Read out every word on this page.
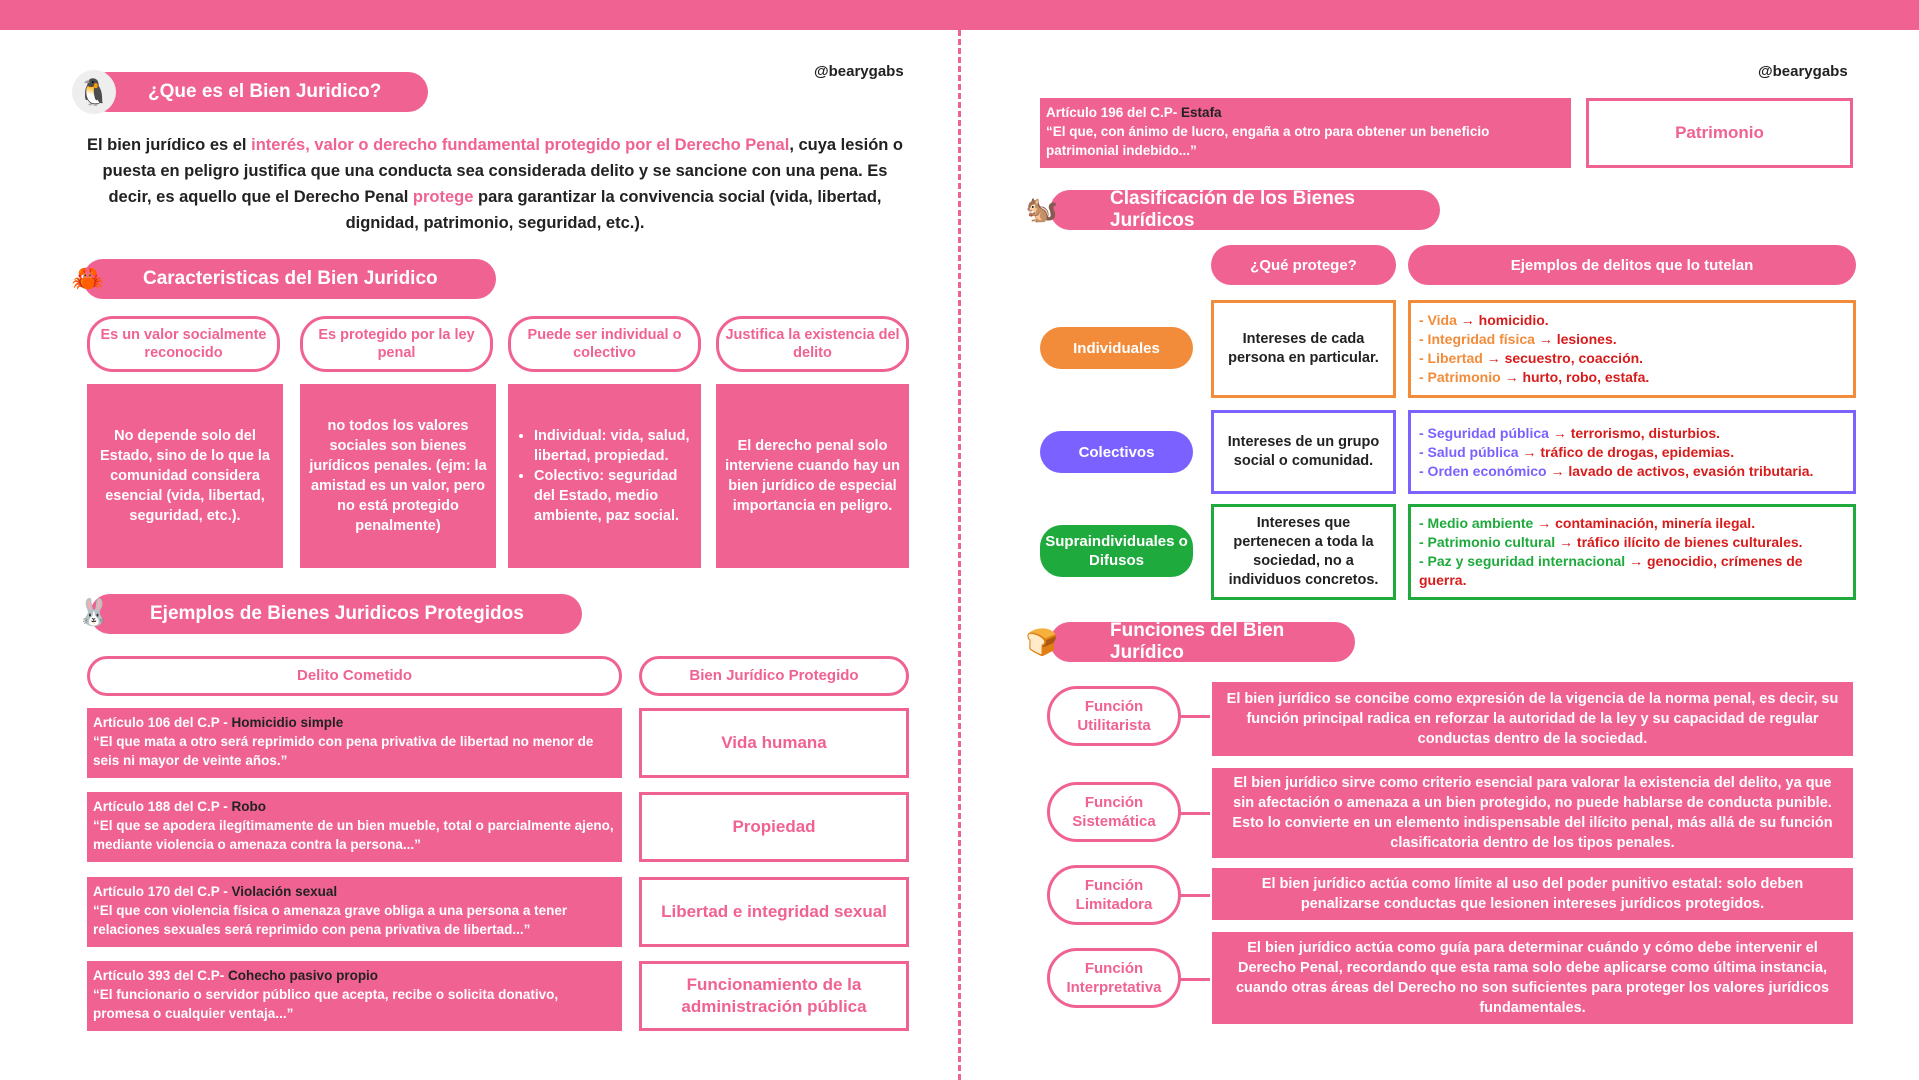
@bearygabs
¿Que es el Bien Juridico?
🐧
El bien jurídico es el interés, valor o derecho fundamental protegido por el Derecho Penal, cuya lesión o puesta en peligro justifica que una conducta sea considerada delito y se sancione con una pena. Es decir, es aquello que el Derecho Penal protege para garantizar la convivencia social (vida, libertad, dignidad, patrimonio, seguridad, etc.).
Caracteristicas del Bien Juridico
🦀
Es un valor socialmente reconocido
Es protegido por la ley penal
Puede ser individual o colectivo
Justifica la existencia del delito
No depende solo del Estado, sino de lo que la comunidad considera esencial (vida, libertad, seguridad, etc.).
no todos los valores sociales son bienes jurídicos penales. (ejm: la amistad es un valor, pero no está protegido penalmente)
• Individual: vida, salud, libertad, propiedad.
• Colectivo: seguridad del Estado, medio ambiente, paz social.
El derecho penal solo interviene cuando hay un bien jurídico de especial importancia en peligro.
Ejemplos de Bienes Juridicos Protegidos
🐰
Delito Cometido	Bien Jurídico Protegido
Artículo 106 del C.P - Homicidio simple
“El que mata a otro será reprimido con pena privativa de libertad no menor de seis ni mayor de veinte años.”
Vida humana
Artículo 188 del C.P - Robo
“El que se apodera ilegítimamente de un bien mueble, total o parcialmente ajeno, mediante violencia o amenaza contra la persona...”
Propiedad
Artículo 170 del C.P - Violación sexual
“El que con violencia física o amenaza grave obliga a una persona a tener relaciones sexuales será reprimido con pena privativa de libertad...”
Libertad e integridad sexual
Artículo 393 del C.P- Cohecho pasivo propio
“El funcionario o servidor público que acepta, recibe o solicita donativo, promesa o cualquier ventaja...”
Funcionamiento de la administración pública
@bearygabs
Artículo 196 del C.P- Estafa
“El que, con ánimo de lucro, engaña a otro para obtener un beneficio patrimonial indebido...”
Patrimonio
Clasificación de los Bienes Jurídicos
🐿️
¿Qué protege?	Ejemplos de delitos que lo tutelan
Individuales
Intereses de cada persona en particular.
- Vida → homicidio.
- Integridad física → lesiones.
- Libertad → secuestro, coacción.
- Patrimonio → hurto, robo, estafa.
Colectivos
Intereses de un grupo social o comunidad.
- Seguridad pública → terrorismo, disturbios.
- Salud pública → tráfico de drogas, epidemias.
- Orden económico → lavado de activos, evasión tributaria.
Supraindividuales o Difusos
Intereses que pertenecen a toda la sociedad, no a individuos concretos.
- Medio ambiente → contaminación, minería ilegal.
- Patrimonio cultural → tráfico ilícito de bienes culturales.
- Paz y seguridad internacional → genocidio, crímenes de guerra.
Funciones del Bien Jurídico
🍞
Función Utilitarista
El bien jurídico se concibe como expresión de la vigencia de la norma penal, es decir, su función principal radica en reforzar la autoridad de la ley y su capacidad de regular conductas dentro de la sociedad.
Función Sistemática
El bien jurídico sirve como criterio esencial para valorar la existencia del delito, ya que sin afectación o amenaza a un bien protegido, no puede hablarse de conducta punible. Esto lo convierte en un elemento indispensable del ilícito penal, más allá de su función clasificatoria dentro de los tipos penales.
Función Limitadora
El bien jurídico actúa como límite al uso del poder punitivo estatal: solo deben penalizarse conductas que lesionen intereses jurídicos protegidos.
Función Interpretativa
El bien jurídico actúa como guía para determinar cuándo y cómo debe intervenir el Derecho Penal, recordando que esta rama solo debe aplicarse como última instancia, cuando otras áreas del Derecho no son suficientes para proteger los valores jurídicos fundamentales.
